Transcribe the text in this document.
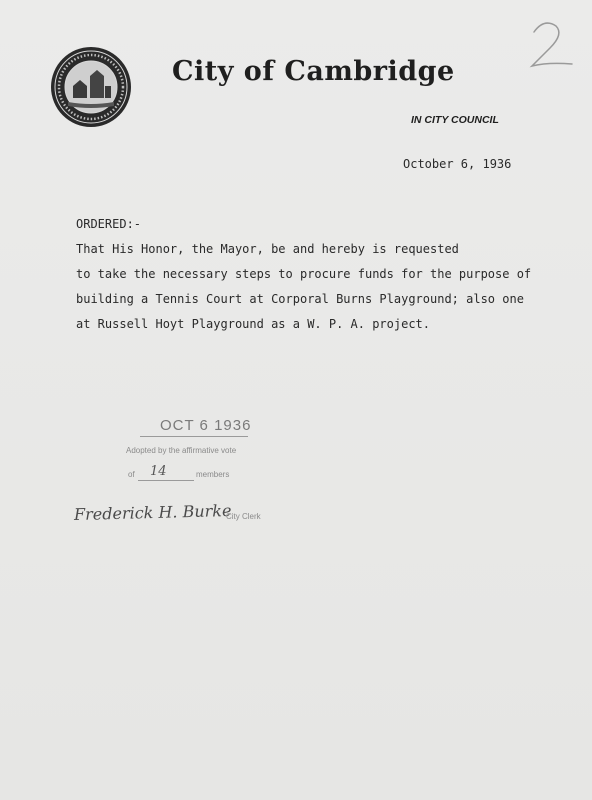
City of Cambridge
IN CITY COUNCIL
October 6, 1936
ORDERED:-
That His Honor, the Mayor, be and hereby is requested
to take the necessary steps to procure funds for the purpose of
building a Tennis Court at Corporal Burns Playground; also one
at Russell Hoyt Playground as a W. P. A. project.
OCT 6 1936
Adopted by the affirmative vote
of 14	members
Frederick H. Burke
City Clerk
